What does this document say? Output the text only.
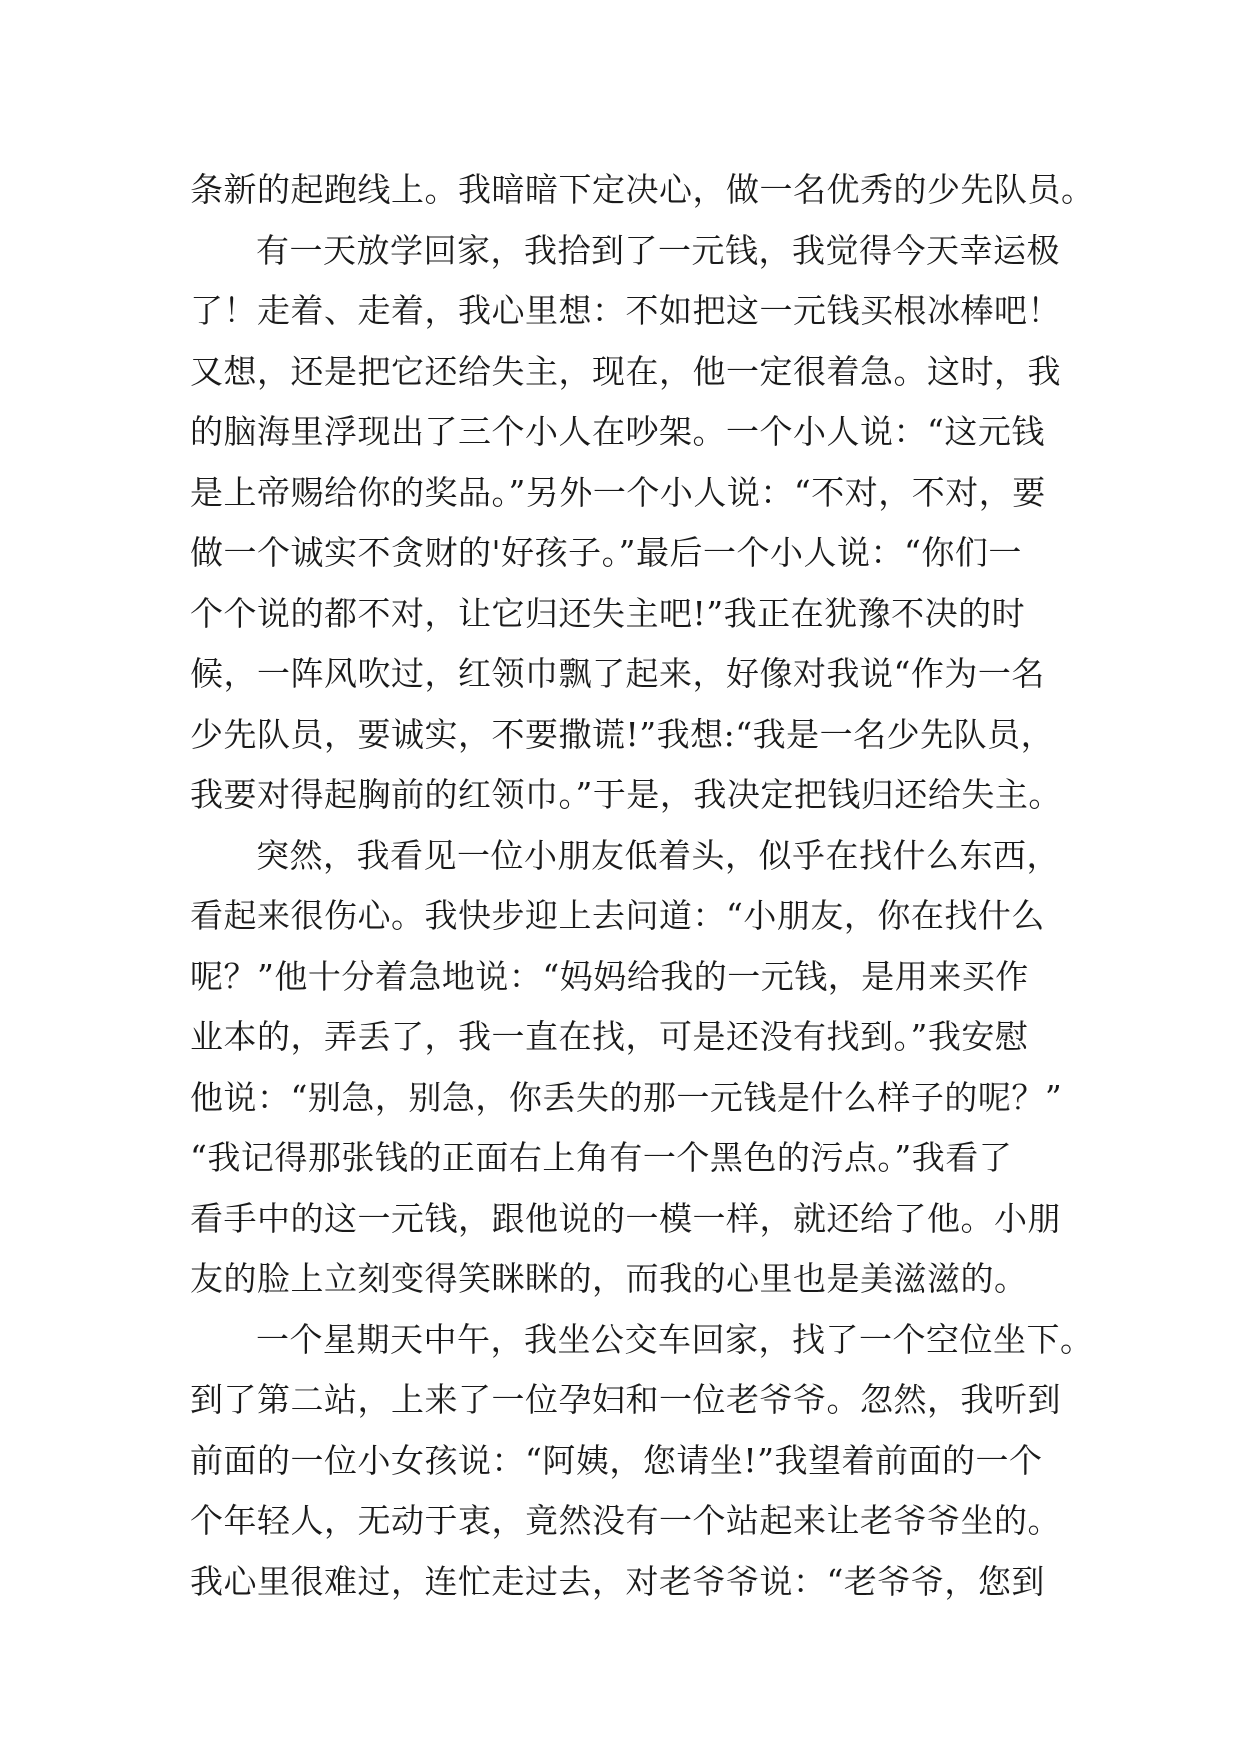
条新的起跑线上。我暗暗下定决心，做一名优秀的少先队员。
有一天放学回家，我拾到了一元钱，我觉得今天幸运极
了！走着、走着，我心里想：不如把这一元钱买根冰棒吧！
又想，还是把它还给失主，现在，他一定很着急。这时，我
的脑海里浮现出了三个小人在吵架。一个小人说：“这元钱
是上帝赐给你的奖品。”另外一个小人说：“不对，不对，要
做一个诚实不贪财的'好孩子。”最后一个小人说：“你们一
个个说的都不对，让它归还失主吧!”我正在犹豫不决的时
候，一阵风吹过，红领巾飘了起来，好像对我说“作为一名
少先队员，要诚实，不要撒谎!”我想:“我是一名少先队员，
我要对得起胸前的红领巾。”于是，我决定把钱归还给失主。
突然，我看见一位小朋友低着头，似乎在找什么东西，
看起来很伤心。我快步迎上去问道：“小朋友，你在找什么
呢？”他十分着急地说：“妈妈给我的一元钱，是用来买作
业本的，弄丢了，我一直在找，可是还没有找到。”我安慰
他说：“别急，别急，你丢失的那一元钱是什么样子的呢？”
“我记得那张钱的正面右上角有一个黑色的污点。”我看了
看手中的这一元钱，跟他说的一模一样，就还给了他。小朋
友的脸上立刻变得笑眯眯的，而我的心里也是美滋滋的。
一个星期天中午，我坐公交车回家，找了一个空位坐下。
到了第二站，上来了一位孕妇和一位老爷爷。忽然，我听到
前面的一位小女孩说：“阿姨，您请坐!”我望着前面的一个
个年轻人，无动于衷，竟然没有一个站起来让老爷爷坐的。
我心里很难过，连忙走过去，对老爷爷说：“老爷爷，您到
